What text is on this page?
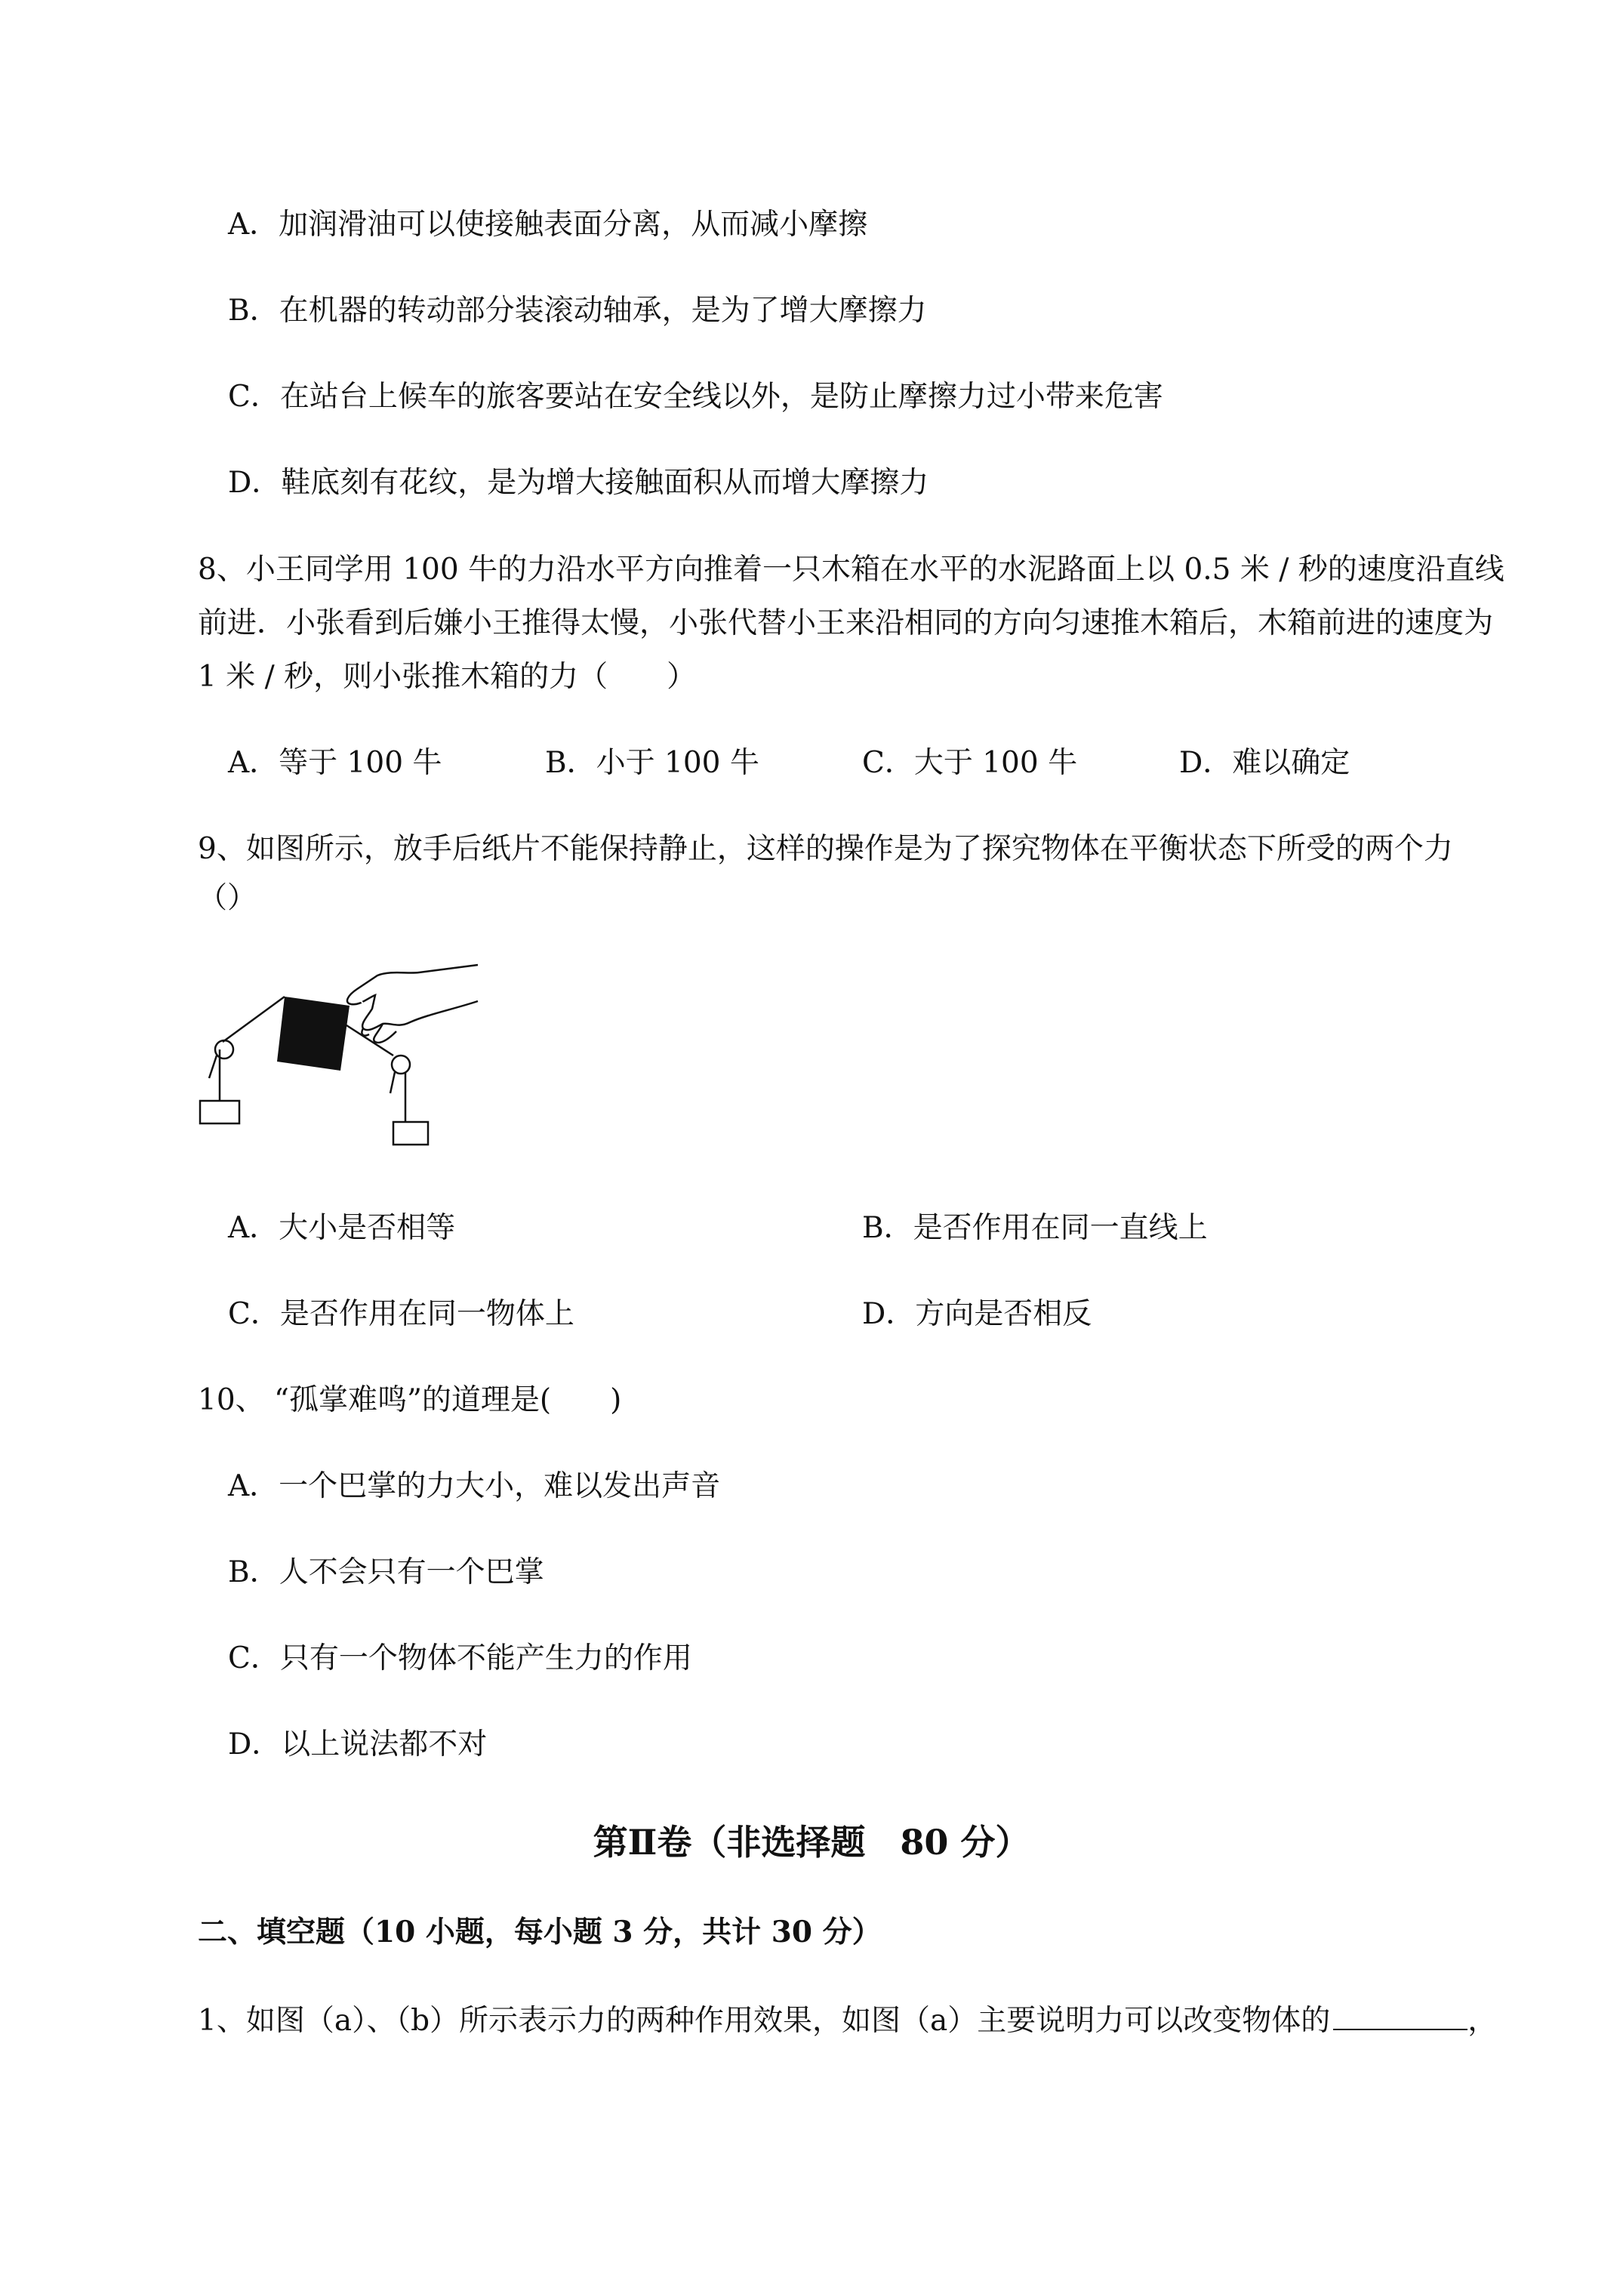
A．加润滑油可以使接触表面分离，从而减小摩擦
B．在机器的转动部分装滚动轴承，是为了增大摩擦力
C．在站台上候车的旅客要站在安全线以外，是防止摩擦力过小带来危害
D．鞋底刻有花纹，是为增大接触面积从而增大摩擦力
8、小王同学用 100 牛的力沿水平方向推着一只木箱在水平的水泥路面上以 0.5 米 / 秒的速度沿直线
前进．小张看到后嫌小王推得太慢，小张代替小王来沿相同的方向匀速推木箱后，木箱前进的速度为
1 米 / 秒，则小张推木箱的力（　　）
A．等于 100 牛	B．小于 100 牛	C．大于 100 牛	D．难以确定
9、如图所示，放手后纸片不能保持静止，这样的操作是为了探究物体在平衡状态下所受的两个力
（）
A．大小是否相等	B．是否作用在同一直线上
C．是否作用在同一物体上	D．方向是否相反
10、 “孤掌难鸣”的道理是(　　)
A．一个巴掌的力大小，难以发出声音
B．人不会只有一个巴掌
C．只有一个物体不能产生力的作用
D．以上说法都不对
第Ⅱ卷（非选择题　80 分）
二、填空题（10 小题，每小题 3 分，共计 30 分）
1、如图（a）、（b）所示表示力的两种作用效果，如图（a）主要说明力可以改变物体的	，
